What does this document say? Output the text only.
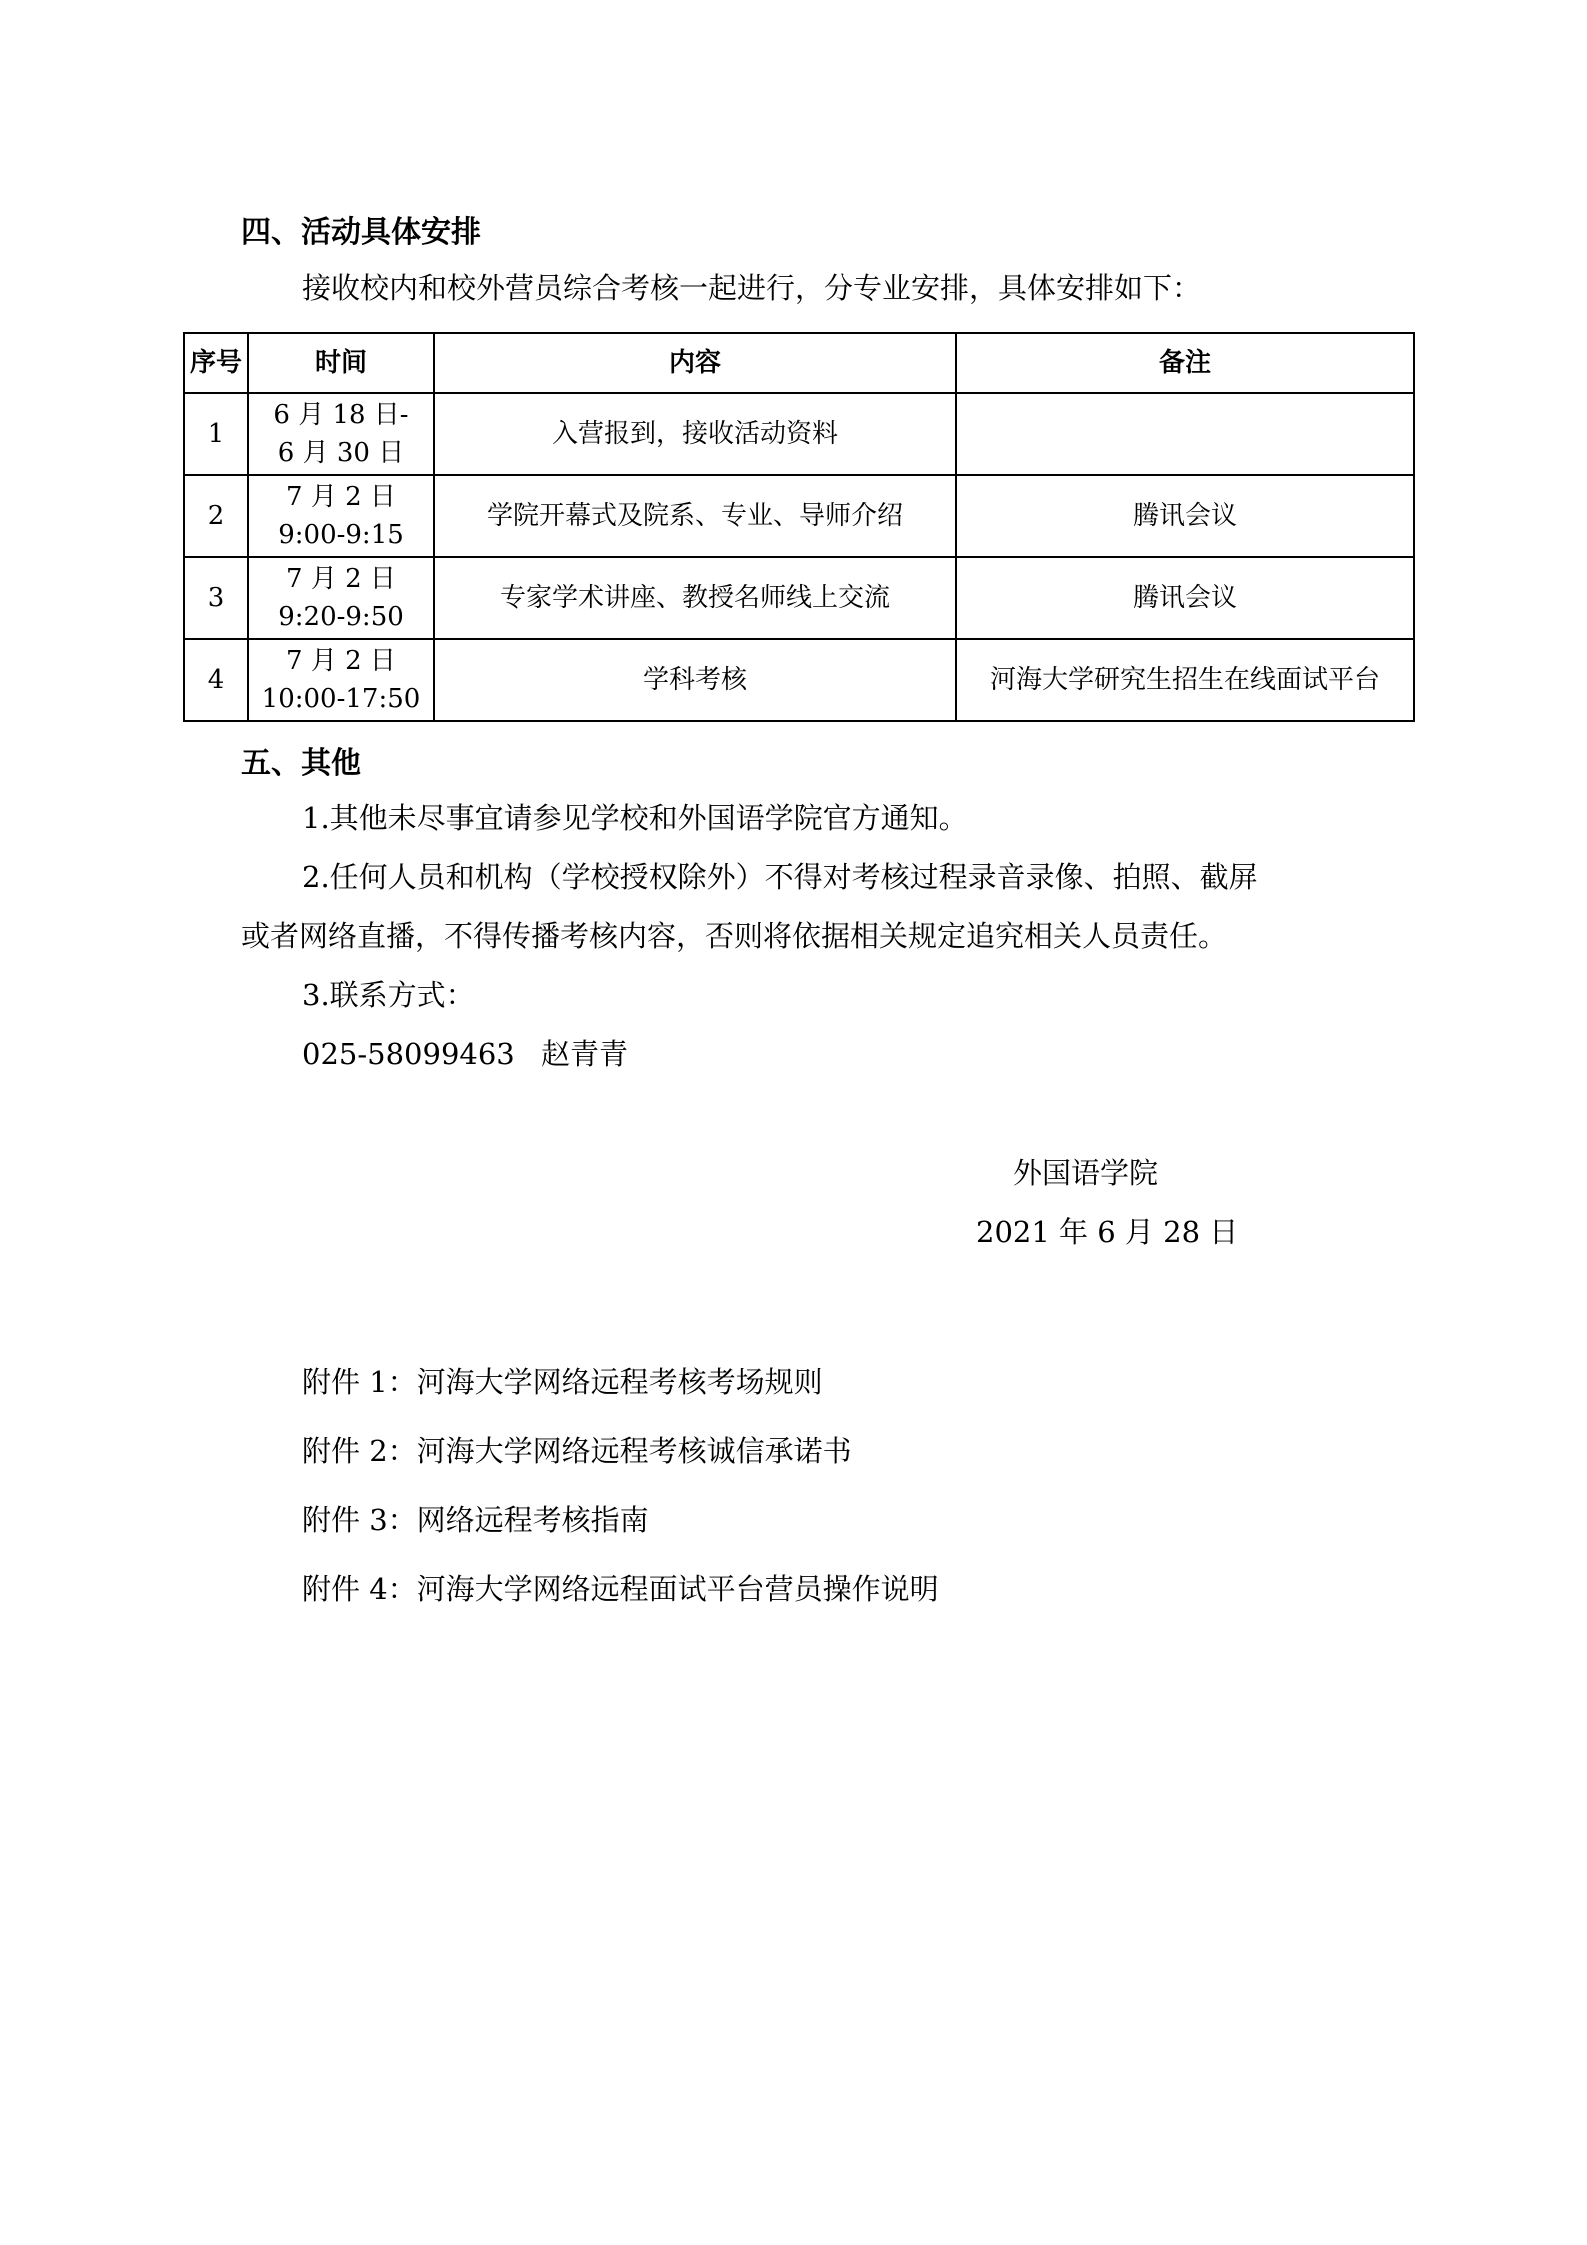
四、活动具体安排
接收校内和校外营员综合考核一起进行，分专业安排，具体安排如下：
序号	时间	内容	备注
1	6 月 18 日-
6 月 30 日	入营报到，接收活动资料	
2	7 月 2 日
9:00-9:15	学院开幕式及院系、专业、导师介绍	腾讯会议
3	7 月 2 日
9:20-9:50	专家学术讲座、教授名师线上交流	腾讯会议
4	7 月 2 日
10:00-17:50	学科考核	河海大学研究生招生在线面试平台
五、其他
1.其他未尽事宜请参见学校和外国语学院官方通知。
2.任何人员和机构（学校授权除外）不得对考核过程录音录像、拍照、截屏
或者网络直播，不得传播考核内容，否则将依据相关规定追究相关人员责任。
3.联系方式：
025-58099463 赵青青
外国语学院
2021 年 6 月 28 日
附件 1：河海大学网络远程考核考场规则
附件 2：河海大学网络远程考核诚信承诺书
附件 3：网络远程考核指南
附件 4：河海大学网络远程面试平台营员操作说明
